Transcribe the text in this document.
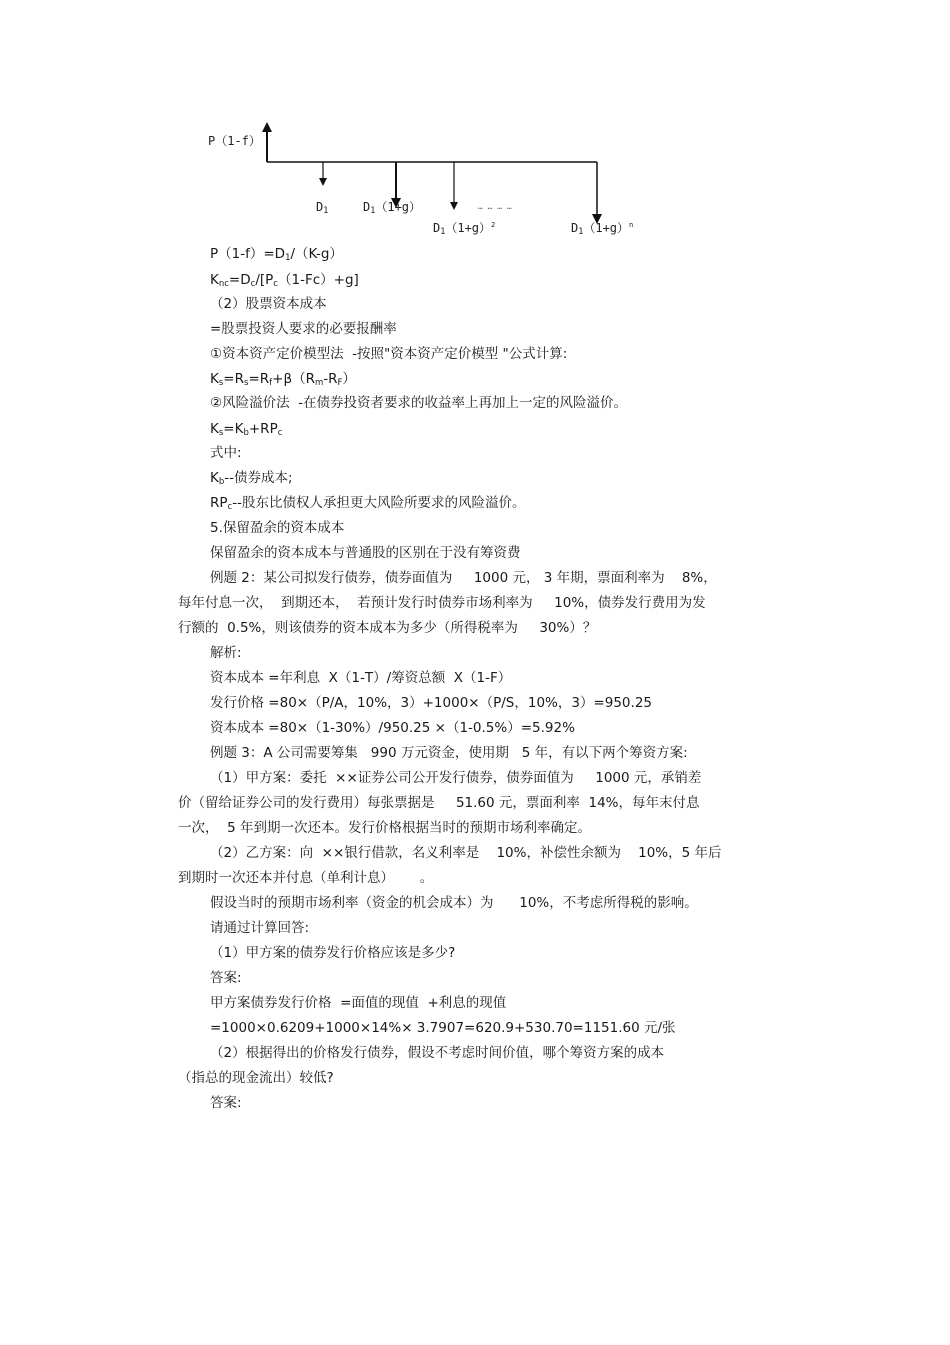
P（1-f）
$D_1$	$D_1(1+g)$
$D_1(1+g)^2$	$D_1(1+g)^n$
… … … …
$P(1-f)=D_1/(K-g)$
$K_{nc}=D_c/[P_c(1-Fc)+g]$
（2）股票资本成本
=股票投资人要求的必要报酬率
①资本资产定价模型法  -按照"资本资产定价模型 "公式计算:
$K_s=R_s=R_f+\beta(R_m-R_F)$
②风险溢价法  -在债券投资者要求的收益率上再加上一定的风险溢价。
$K_s=K_b+RP_c$
式中:
$K_b--$债券成本;
$RP_c--$股东比债权人承担更大风险所要求的风险溢价。
5.保留盈余的资本成本
保留盈余的资本成本与普通股的区别在于没有筹资费
例题 2：某公司拟发行债券，债券面值为     1000 元， 3 年期，票面利率为    8%，
每年付息一次，  到期还本，  若预计发行时债券市场利率为     10%，债券发行费用为发
行额的  0.5%，则该债券的资本成本为多少（所得税率为     30%）？
解析:
资本成本 =年利息  X（1-T）/筹资总额  X（1-F）
发行价格 =80×（P/A，10%，3）+1000×（P/S，10%，3）=950.25
资本成本 =80×（1-30%）/950.25 ×（1-0.5%）=5.92%
例题 3：A 公司需要筹集   990 万元资金，使用期   5 年，有以下两个筹资方案:
（1）甲方案：委托  ××证券公司公开发行债券，债券面值为     1000 元，承销差
价（留给证券公司的发行费用）每张票据是     51.60 元，票面利率  14%，每年末付息
一次，  5 年到期一次还本。发行价格根据当时的预期市场利率确定。
（2）乙方案：向  ××银行借款，名义利率是    10%，补偿性余额为    10%，5 年后
到期时一次还本并付息（单利计息）      。
假设当时的预期市场利率（资金的机会成本）为      10%，不考虑所得税的影响。
请通过计算回答:
（1）甲方案的债券发行价格应该是多少?
答案:
甲方案债券发行价格  =面值的现值  +利息的现值
=1000×0.6209+1000×14%× 3.7907=620.9+530.70=1151.60 元/张
（2）根据得出的价格发行债券，假设不考虑时间价值，哪个筹资方案的成本
（指总的现金流出）较低?
答案:
